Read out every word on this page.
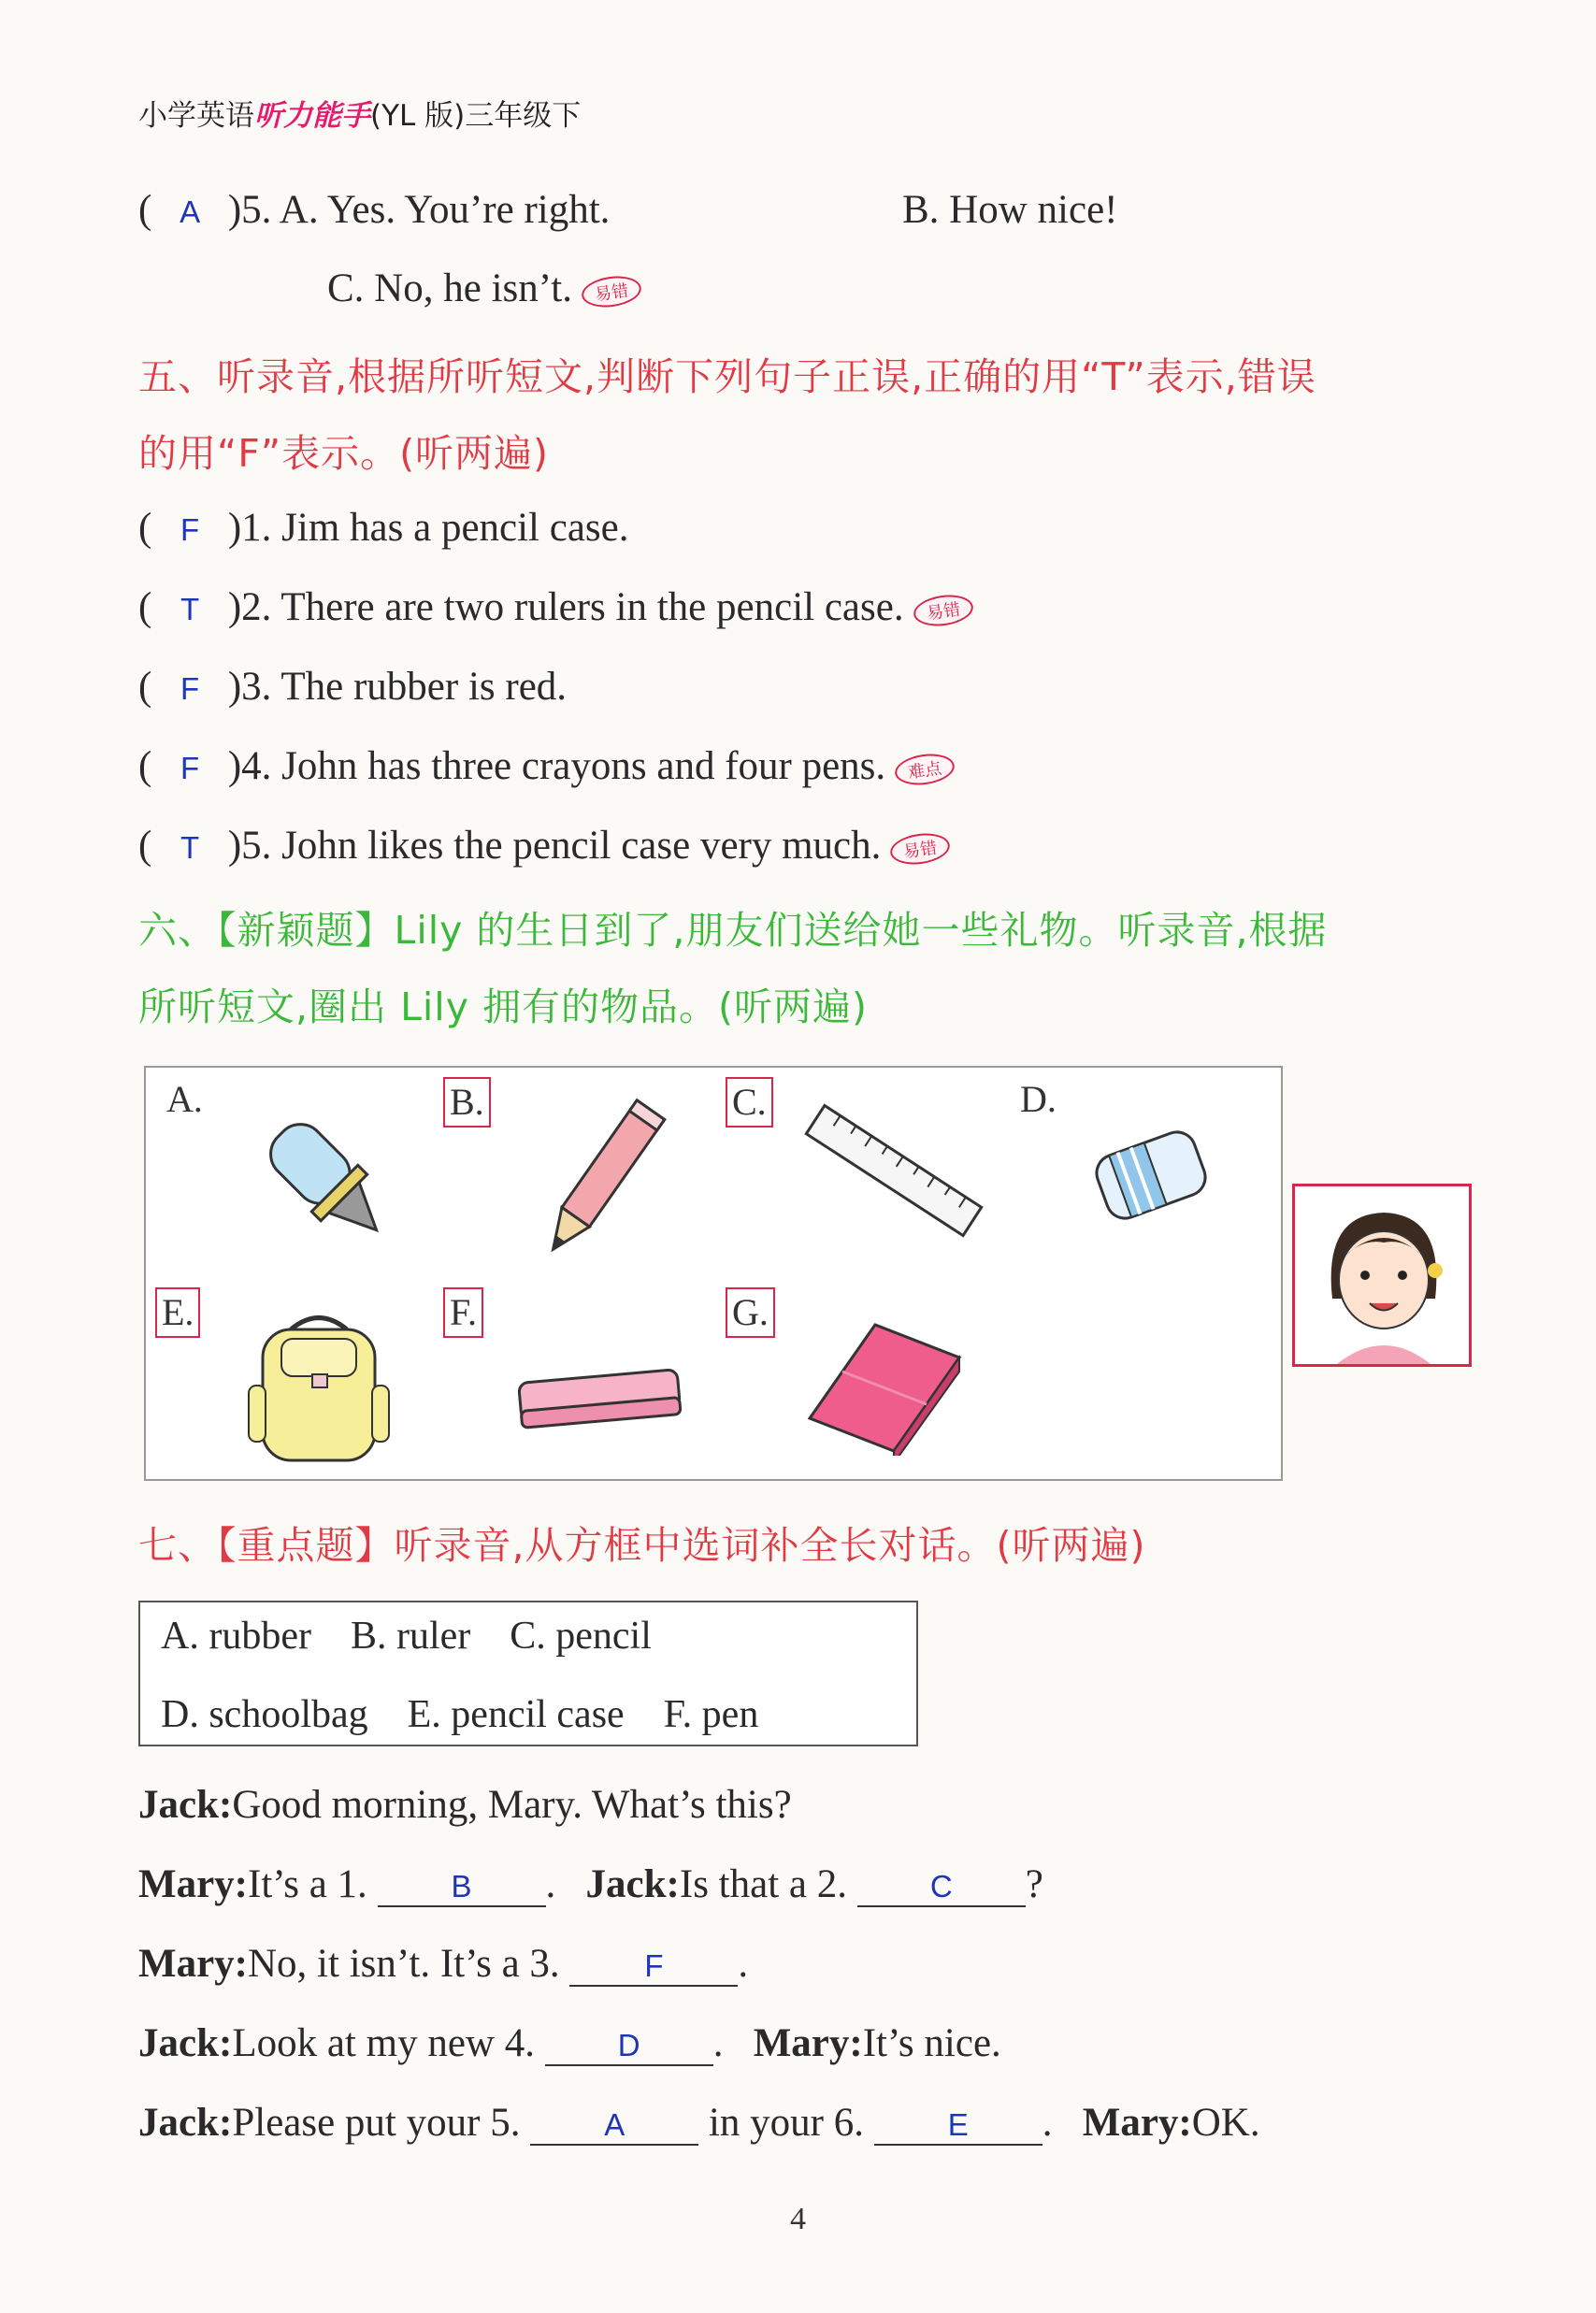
小学英语听力能手(YL 版)三年级下
( A )5. A. Yes. You’re right.	B. How nice!
C. No, he isn’t. 易错
五、听录音,根据所听短文,判断下列句子正误,正确的用“T”表示,错误
的用“F”表示。(听两遍)
( F )1. Jim has a pencil case.
( T )2. There are two rulers in the pencil case. 易错
( F )3. The rubber is red.
( F )4. John has three crayons and four pens. 难点
( T )5. John likes the pencil case very much. 易错
六、【新颖题】Lily 的生日到了,朋友们送给她一些礼物。听录音,根据
所听短文,圈出 Lily 拥有的物品。(听两遍)
A.	B.	C.	D.
E.	F.	G.
七、【重点题】听录音,从方框中选词补全长对话。(听两遍)
A. rubber B. ruler C. pencil
D. schoolbag E. pencil case F. pen
Jack:Good morning, Mary. What’s this?
Mary:It’s a 1.	B .   Jack:Is that a 2.	C ?
Mary:No, it isn’t. It’s a 3.	F .
Jack:Look at my new 4.	D .   Mary:It’s nice.
Jack:Please put your 5.	A in your 6.	E .   Mary:OK.
4
